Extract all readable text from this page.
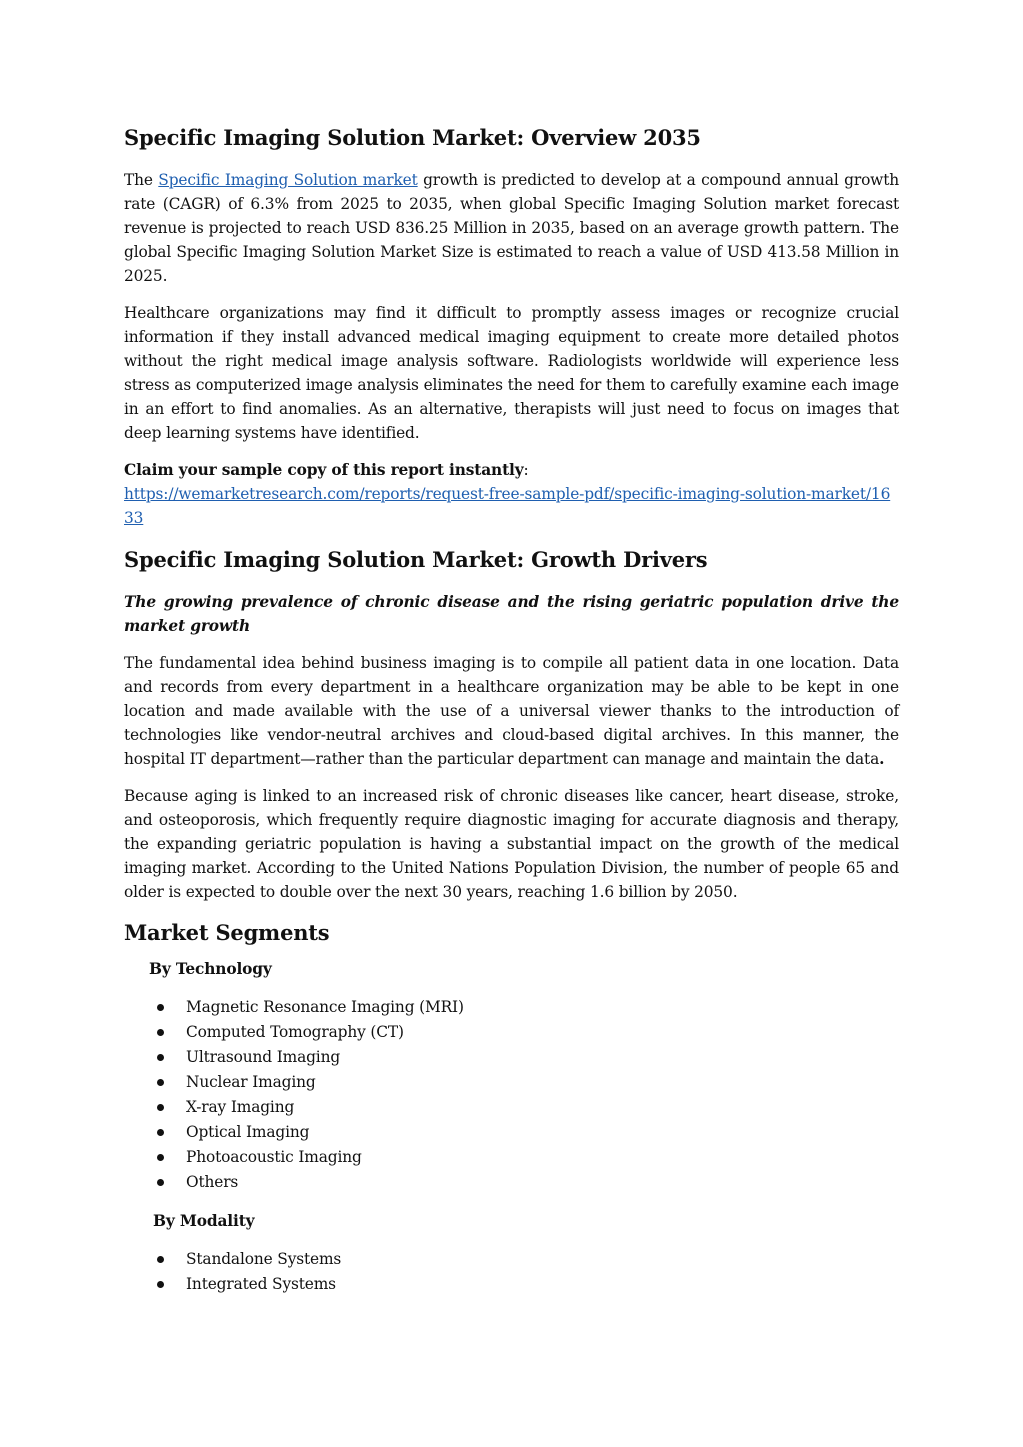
Specific Imaging Solution Market: Overview 2035

The Specific Imaging Solution market growth is predicted to develop at a compound annual growth rate (CAGR) of 6.3% from 2025 to 2035, when global Specific Imaging Solution market forecast revenue is projected to reach USD 836.25 Million in 2035, based on an average growth pattern. The global Specific Imaging Solution Market Size is estimated to reach a value of USD 413.58 Million in 2025.

Healthcare organizations may find it difficult to promptly assess images or recognize crucial information if they install advanced medical imaging equipment to create more detailed photos without the right medical image analysis software. Radiologists worldwide will experience less stress as computerized image analysis eliminates the need for them to carefully examine each image in an effort to find anomalies. As an alternative, therapists will just need to focus on images that deep learning systems have identified.

Claim your sample copy of this report instantly:
https://wemarketresearch.com/reports/request-free-sample-pdf/specific-imaging-solution-market/1633
Specific Imaging Solution Market: Growth Drivers

The growing prevalence of chronic disease and the rising geriatric population drive the market growth

The fundamental idea behind business imaging is to compile all patient data in one location. Data and records from every department in a healthcare organization may be able to be kept in one location and made available with the use of a universal viewer thanks to the introduction of technologies like vendor-neutral archives and cloud-based digital archives. In this manner, the hospital IT department—rather than the particular department can manage and maintain the data.

Because aging is linked to an increased risk of chronic diseases like cancer, heart disease, stroke, and osteoporosis, which frequently require diagnostic imaging for accurate diagnosis and therapy, the expanding geriatric population is having a substantial impact on the growth of the medical imaging market. According to the United Nations Population Division, the number of people 65 and older is expected to double over the next 30 years, reaching 1.6 billion by 2050.

Market Segments
By Technology
Magnetic Resonance Imaging (MRI)
Computed Tomography (CT)
Ultrasound Imaging
Nuclear Imaging
X-ray Imaging
Optical Imaging
Photoacoustic Imaging
Others
By Modality
Standalone Systems
Integrated Systems
